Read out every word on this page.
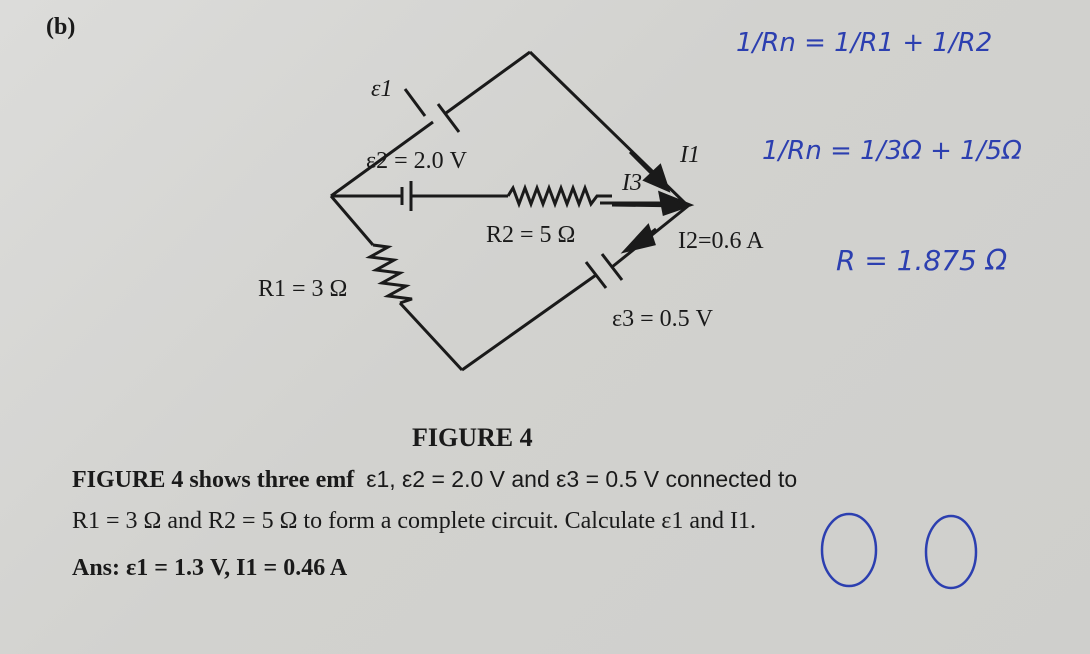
(b)
ε1
ε2 = 2.0 V	I1
I3
R2 = 5 Ω	I2=0.6 A
R1 = 3 Ω
ε3 = 0.5 V
FIGURE 4
FIGURE 4 shows three emf ε1, ε2 = 2.0 V and ε3 = 0.5 V connected to
R1 = 3 Ω and R2 = 5 Ω to form a complete circuit. Calculate ε1 and I1.
Ans: ε1 = 1.3 V, I1 = 0.46 A
1/Rn = 1/R1 + 1/R2
1/Rn = 1/3Ω + 1/5Ω
R = 1.875 Ω
